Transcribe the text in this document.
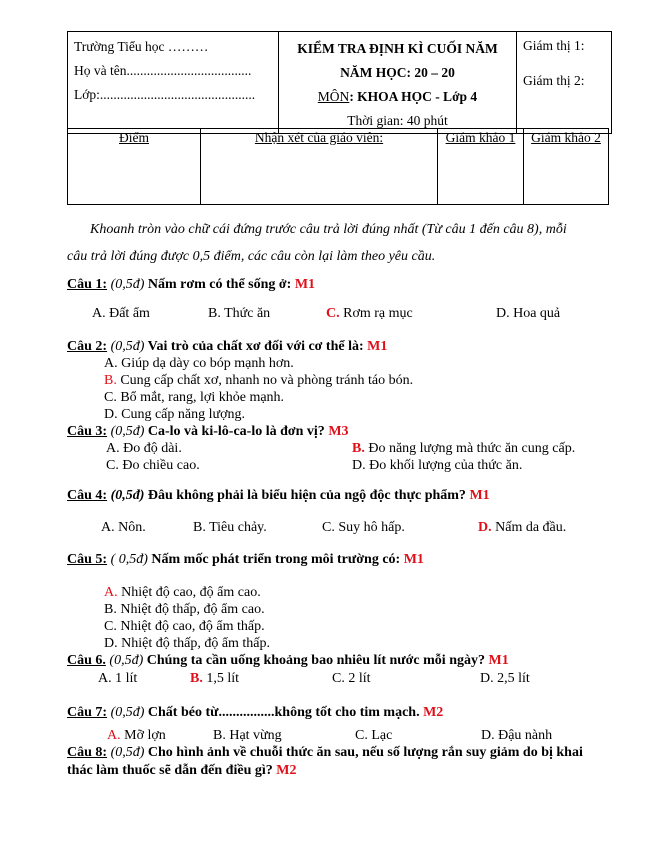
Trường Tiểu học ………
Họ và tên.....................................
Lớp:..............................................

KIỂM TRA ĐỊNH KÌ CUỐI NĂM
NĂM HỌC: 20 – 20
MÔN: KHOA HỌC - Lớp 4
Thời gian: 40 phút

Giám thị 1:
Giám thị 2:
Điểm	Nhận xét của giáo viên:	Giám khảo 1	Giám khảo 2
Khoanh tròn vào chữ cái đứng trước câu trả lời đúng nhất (Từ câu 1 đến câu 8), mỗi
câu trả lời đúng được 0,5 điểm, các câu còn lại làm theo yêu cầu.
Câu 1: (0,5đ) Nấm rơm có thể sống ở: M1
A. Đất ẩm	B. Thức ăn	C. Rơm rạ mục	D. Hoa quả
Câu 2: (0,5đ) Vai trò của chất xơ đối với cơ thể là: M1
A. Giúp dạ dày co bóp mạnh hơn.
B. Cung cấp chất xơ, nhanh no và phòng tránh táo bón.
C. Bổ mắt, rang, lợi khỏe mạnh.
D. Cung cấp năng lượng.
Câu 3: (0,5đ) Ca-lo và ki-lô-ca-lo là đơn vị? M3
A. Đo độ dài.	B. Đo năng lượng mà thức ăn cung cấp.
C. Đo chiều cao.	D. Đo khối lượng của thức ăn.
Câu 4: (0,5đ) Đâu không phải là biểu hiện của ngộ độc thực phẩm? M1
A. Nôn.	B. Tiêu chảy.	C. Suy hô hấp.	D. Nấm da đầu.
Câu 5: ( 0,5đ) Nấm mốc phát triển trong môi trường có: M1
A. Nhiệt độ cao, độ ẩm cao.
B. Nhiệt độ thấp, độ ẩm cao.
C. Nhiệt độ cao, độ ẩm thấp.
D. Nhiệt độ thấp, độ ẩm thấp.
Câu 6. (0,5đ) Chúng ta cần uống khoảng bao nhiêu lít nước mỗi ngày? M1
A. 1 lít	B. 1,5 lít	C. 2 lít	D. 2,5 lít
Câu 7: (0,5đ) Chất béo từ................không tốt cho tim mạch. M2
A. Mỡ lợn	B. Hạt vừng	C. Lạc	D. Đậu nành
Câu 8: (0,5đ) Cho hình ảnh về chuỗi thức ăn sau, nếu số lượng rắn suy giảm do bị khai
thác làm thuốc sẽ dẫn đến điều gì? M2
